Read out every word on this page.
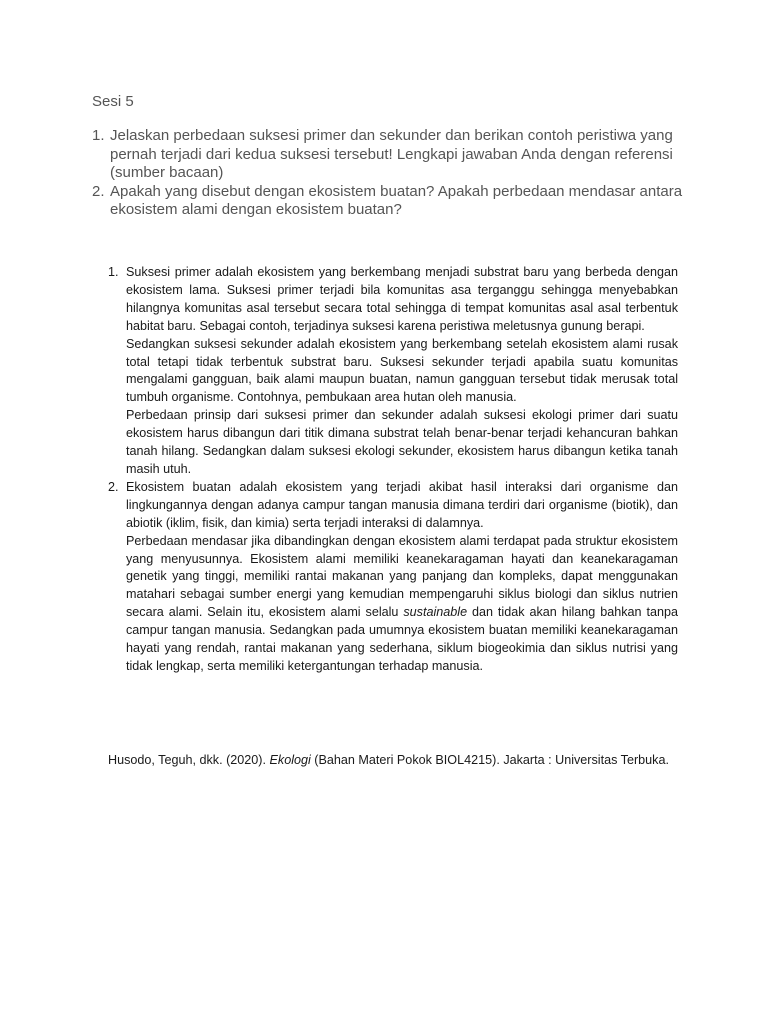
Sesi 5
1. Jelaskan perbedaan suksesi primer dan sekunder dan berikan contoh peristiwa yang pernah terjadi dari kedua suksesi tersebut! Lengkapi jawaban Anda dengan referensi (sumber bacaan)
2. Apakah yang disebut dengan ekosistem buatan? Apakah perbedaan mendasar antara ekosistem alami dengan ekosistem buatan?
1. Suksesi primer adalah ekosistem yang berkembang menjadi substrat baru yang berbeda dengan ekosistem lama. Suksesi primer terjadi bila komunitas asa terganggu sehingga menyebabkan hilangnya komunitas asal tersebut secara total sehingga di tempat komunitas asal asal terbentuk habitat baru. Sebagai contoh, terjadinya suksesi karena peristiwa meletusnya gunung berapi.

Sedangkan suksesi sekunder adalah ekosistem yang berkembang setelah ekosistem alami rusak total tetapi tidak terbentuk substrat baru. Suksesi sekunder terjadi apabila suatu komunitas mengalami gangguan, baik alami maupun buatan, namun gangguan tersebut tidak merusak total tumbuh organisme. Contohnya, pembukaan area hutan oleh manusia.

Perbedaan prinsip dari suksesi primer dan sekunder adalah suksesi ekologi primer dari suatu ekosistem harus dibangun dari titik dimana substrat telah benar-benar terjadi kehancuran bahkan tanah hilang. Sedangkan dalam suksesi ekologi sekunder, ekosistem harus dibangun ketika tanah masih utuh.

2. Ekosistem buatan adalah ekosistem yang terjadi akibat hasil interaksi dari organisme dan lingkungannya dengan adanya campur tangan manusia dimana terdiri dari organisme (biotik), dan abiotik (iklim, fisik, dan kimia) serta terjadi interaksi di dalamnya.

Perbedaan mendasar jika dibandingkan dengan ekosistem alami terdapat pada struktur ekosistem yang menyusunnya. Ekosistem alami memiliki keanekaragaman hayati dan keanekaragaman genetik yang tinggi, memiliki rantai makanan yang panjang dan kompleks, dapat menggunakan matahari sebagai sumber energi yang kemudian mempengaruhi siklus biologi dan siklus nutrien secara alami. Selain itu, ekosistem alami selalu sustainable dan tidak akan hilang bahkan tanpa campur tangan manusia. Sedangkan pada umumnya ekosistem buatan memiliki keanekaragaman hayati yang rendah, rantai makanan yang sederhana, siklum biogeokimia dan siklus nutrisi yang tidak lengkap, serta memiliki ketergantungan terhadap manusia.

Husodo, Teguh, dkk. (2020). Ekologi (Bahan Materi Pokok BIOL4215). Jakarta : Universitas Terbuka.
